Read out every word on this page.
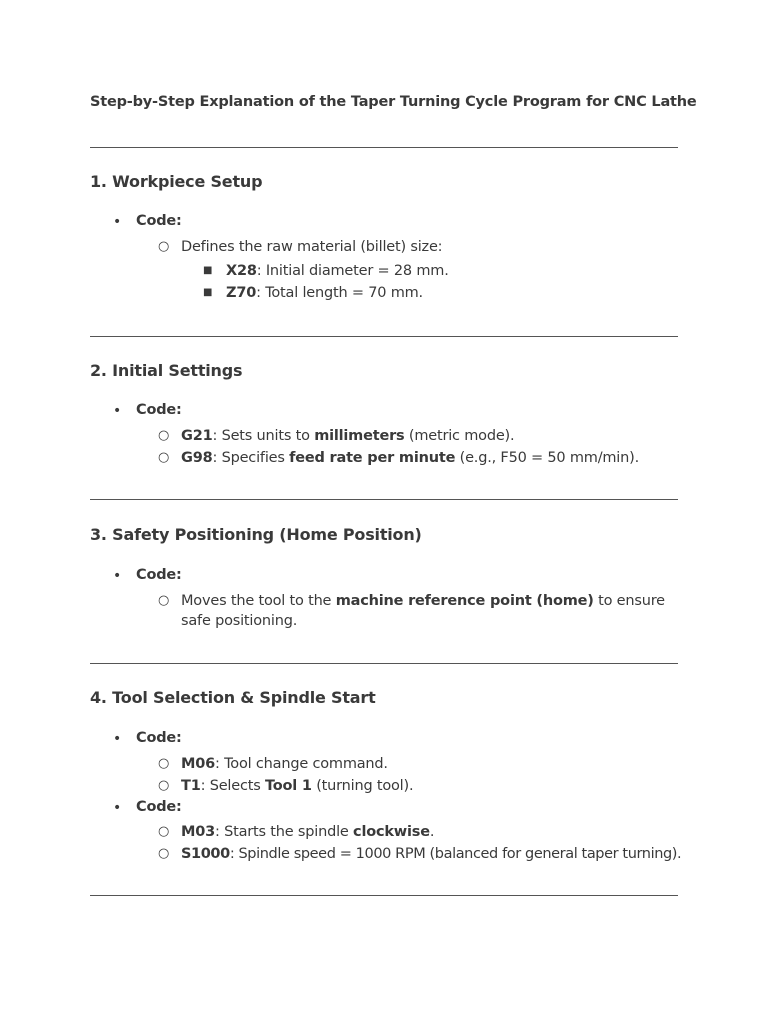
Step-by-Step Explanation of the Taper Turning Cycle Program for CNC Lathe
1. Workpiece Setup
• Code:
○ Defines the raw material (billet) size:
■ X28: Initial diameter = 28 mm.
■ Z70: Total length = 70 mm.
2. Initial Settings
• Code:
○ G21: Sets units to millimeters (metric mode).
○ G98: Specifies feed rate per minute (e.g., F50 = 50 mm/min).
3. Safety Positioning (Home Position)
• Code:
○ Moves the tool to the machine reference point (home) to ensure safe positioning.
4. Tool Selection & Spindle Start
• Code:
○ M06: Tool change command.
○ T1: Selects Tool 1 (turning tool).
• Code:
○ M03: Starts the spindle clockwise.
○ S1000: Spindle speed = 1000 RPM (balanced for general taper turning).
